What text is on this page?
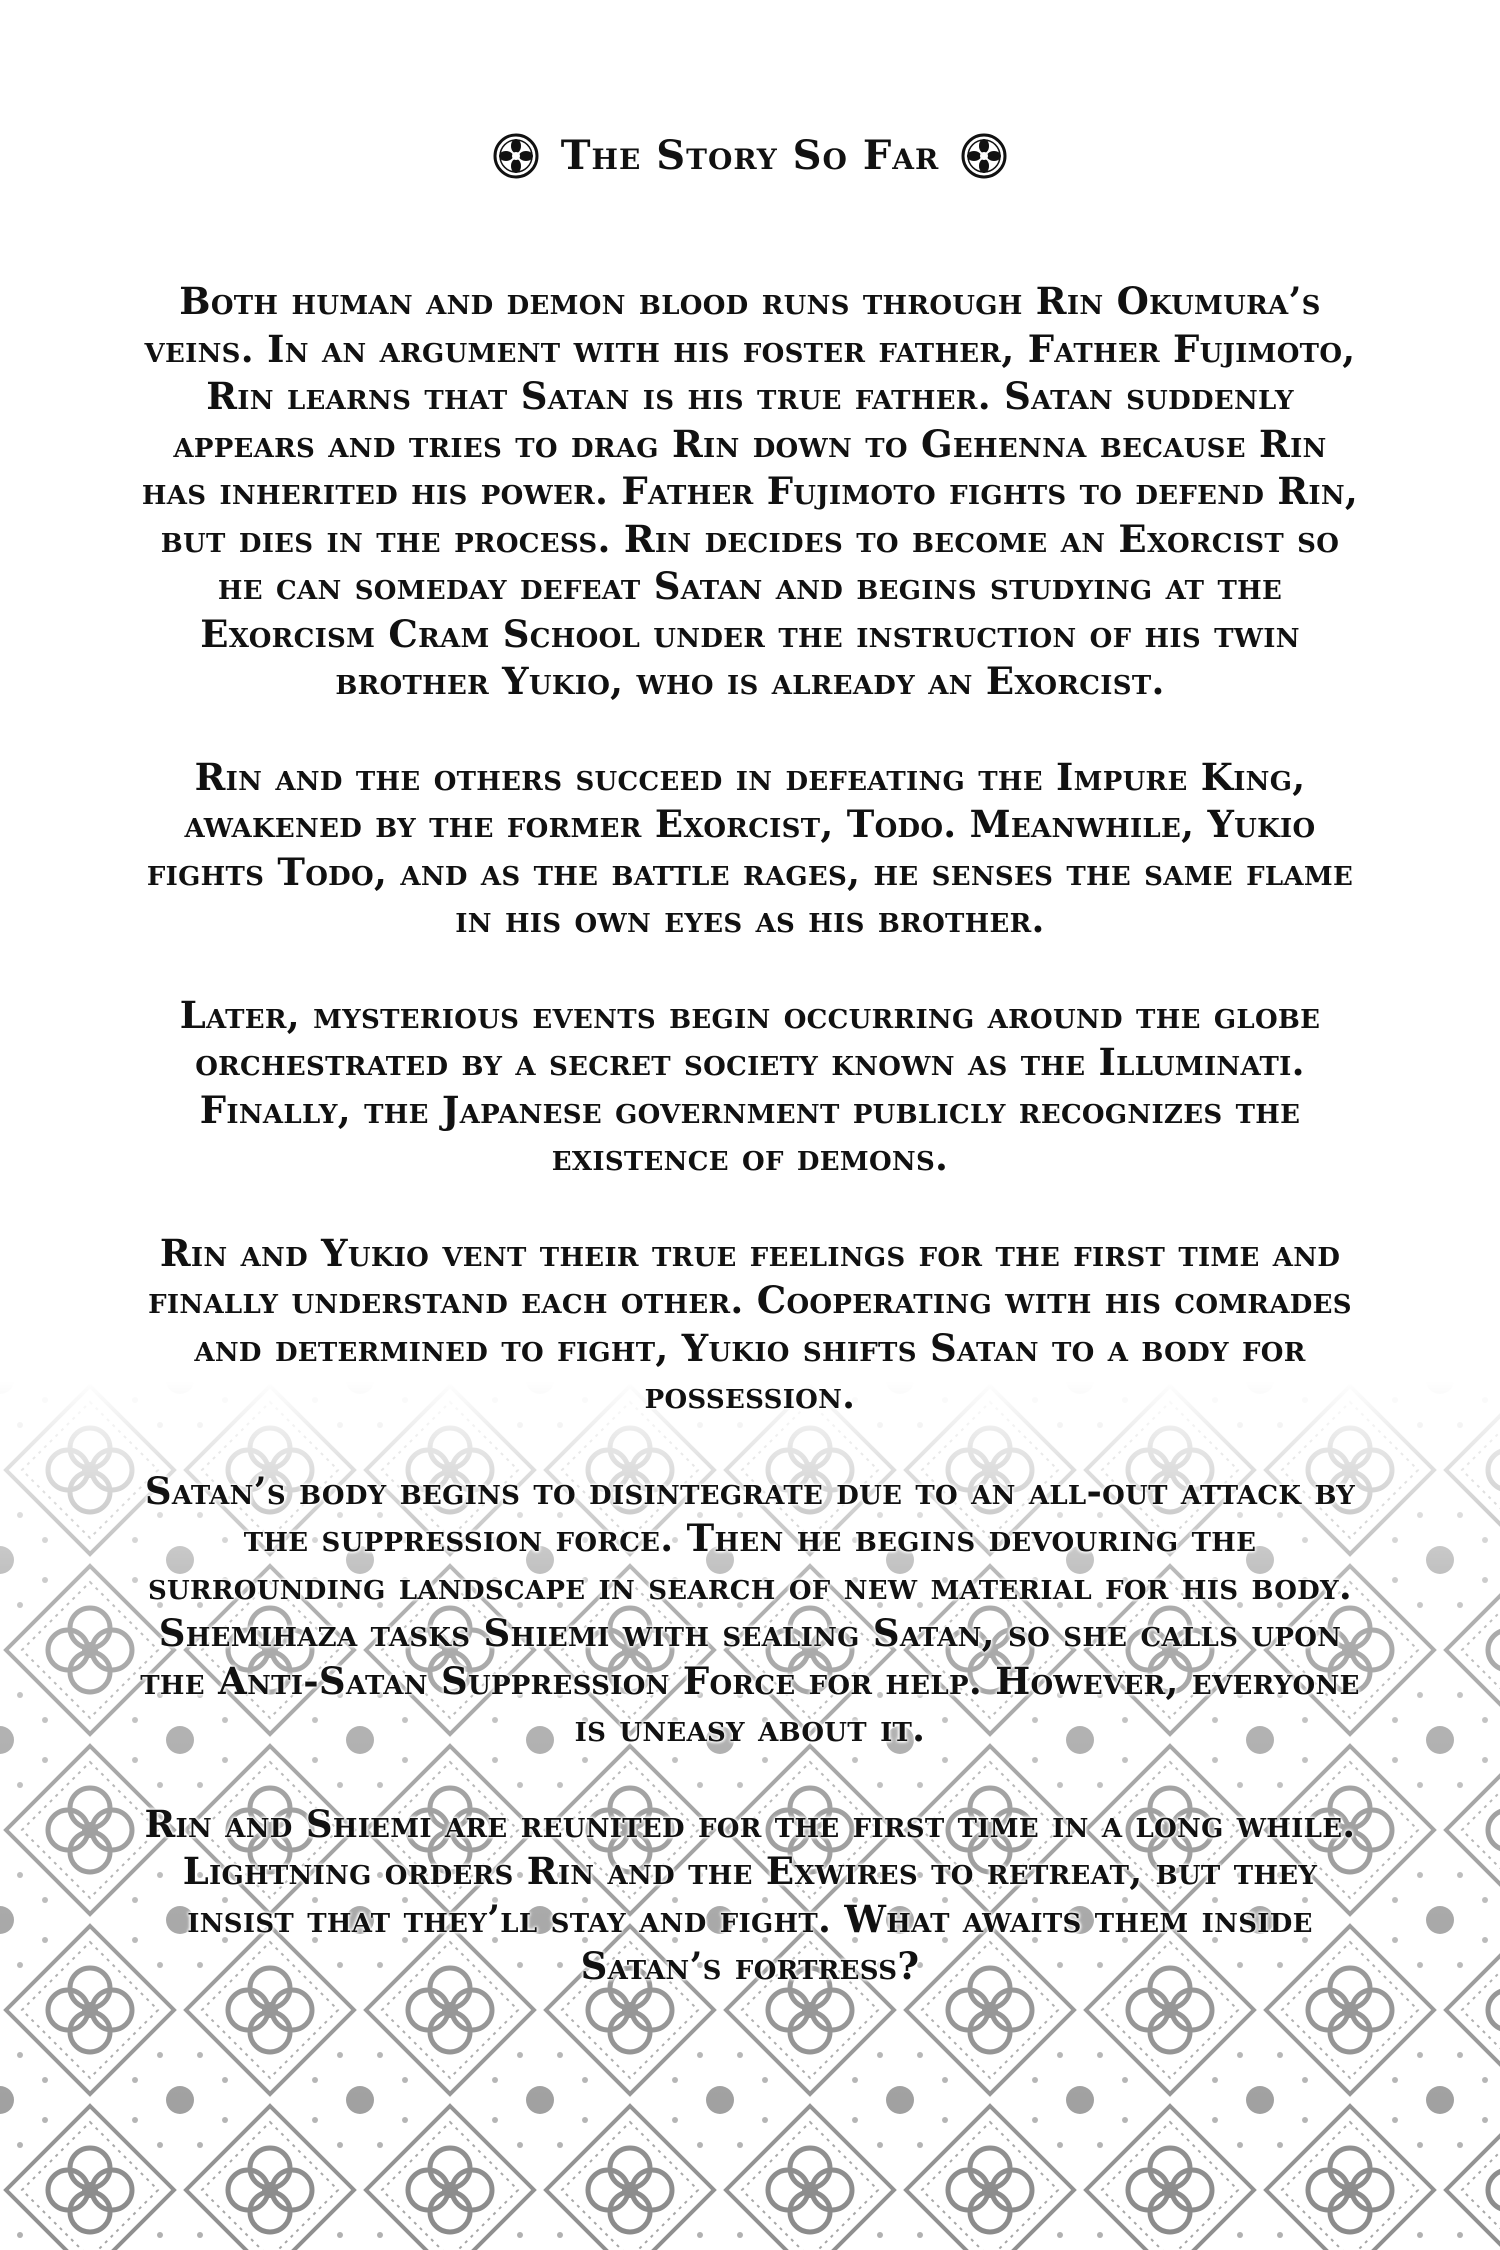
The Story So Far

Both human and demon blood runs through Rin Okumura’s veins. In an argument with his foster father, Father Fujimoto, Rin learns that Satan is his true father. Satan suddenly appears and tries to drag Rin down to Gehenna because Rin has inherited his power. Father Fujimoto fights to defend Rin, but dies in the process. Rin decides to become an Exorcist so he can someday defeat Satan and begins studying at the Exorcism Cram School under the instruction of his twin brother Yukio, who is already an Exorcist.

Rin and the others succeed in defeating the Impure King, awakened by the former Exorcist, Todo. Meanwhile, Yukio fights Todo, and as the battle rages, he senses the same flame in his own eyes as his brother.

Later, mysterious events begin occurring around the globe orchestrated by a secret society known as the Illuminati. Finally, the Japanese government publicly recognizes the existence of demons.

Rin and Yukio vent their true feelings for the first time and finally understand each other. Cooperating with his comrades and determined to fight, Yukio shifts Satan to a body for possession.

Satan’s body begins to disintegrate due to an all-out attack by the suppression force. Then he begins devouring the surrounding landscape in search of new material for his body. Shemihaza tasks Shiemi with sealing Satan, so she calls upon the Anti-Satan Suppression Force for help. However, everyone is uneasy about it.

Rin and Shiemi are reunited for the first time in a long while. Lightning orders Rin and the Exwires to retreat, but they insist that they’ll stay and fight. What awaits them inside Satan’s fortress?
